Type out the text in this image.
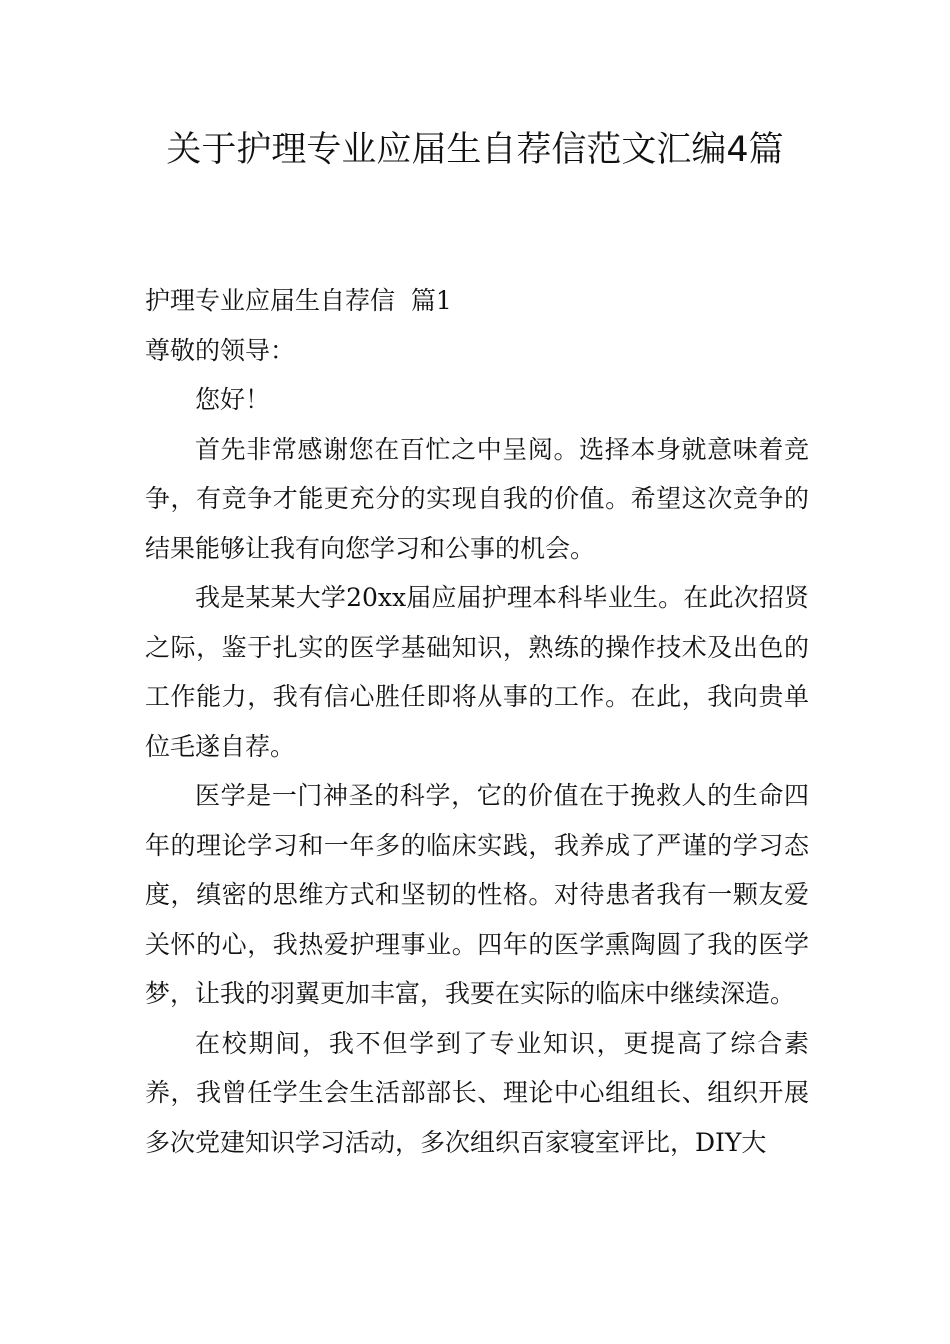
关于护理专业应届生自荐信范文汇编4篇

护理专业应届生自荐信  篇1

尊敬的领导：

您好！

首先非常感谢您在百忙之中呈阅。选择本身就意味着竞争，有竞争才能更充分的实现自我的价值。希望这次竞争的结果能够让我有向您学习和公事的机会。

我是某某大学20xx届应届护理本科毕业生。在此次招贤之际，鉴于扎实的医学基础知识，熟练的操作技术及出色的工作能力，我有信心胜任即将从事的工作。在此，我向贵单位毛遂自荐。

医学是一门神圣的科学，它的价值在于挽救人的生命四年的理论学习和一年多的临床实践，我养成了严谨的学习态度，缜密的思维方式和坚韧的性格。对待患者我有一颗友爱关怀的心，我热爱护理事业。四年的医学熏陶圆了我的医学梦，让我的羽翼更加丰富，我要在实际的临床中继续深造。

在校期间，我不但学到了专业知识，更提高了综合素养，我曾任学生会生活部部长、理论中心组组长、组织开展多次党建知识学习活动，多次组织百家寝室评比，DIY大
